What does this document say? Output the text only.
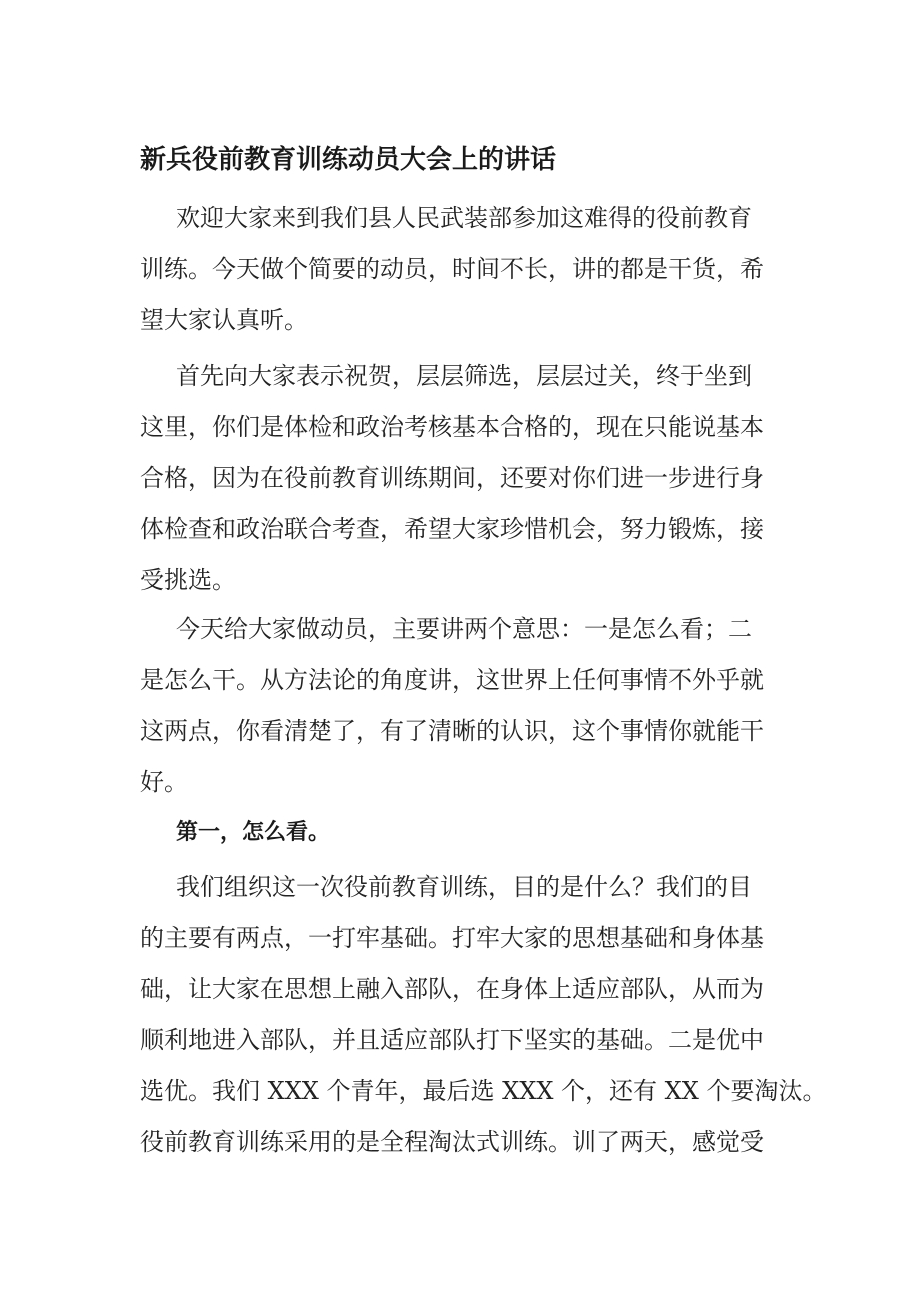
新兵役前教育训练动员大会上的讲话
欢迎大家来到我们县人民武装部参加这难得的役前教育
训练。今天做个简要的动员，时间不长，讲的都是干货，希
望大家认真听。
首先向大家表示祝贺，层层筛选，层层过关，终于坐到
这里，你们是体检和政治考核基本合格的，现在只能说基本
合格，因为在役前教育训练期间，还要对你们进一步进行身
体检查和政治联合考查，希望大家珍惜机会，努力锻炼，接
受挑选。
今天给大家做动员，主要讲两个意思：一是怎么看；二
是怎么干。从方法论的角度讲，这世界上任何事情不外乎就
这两点，你看清楚了，有了清晰的认识，这个事情你就能干
好。
第一，怎么看。
我们组织这一次役前教育训练，目的是什么？我们的目
的主要有两点，一打牢基础。打牢大家的思想基础和身体基
础，让大家在思想上融入部队，在身体上适应部队，从而为
顺利地进入部队，并且适应部队打下坚实的基础。二是优中
选优。我们 XXX 个青年，最后选 XXX 个，还有 XX 个要淘汰。
役前教育训练采用的是全程淘汰式训练。训了两天，感觉受
